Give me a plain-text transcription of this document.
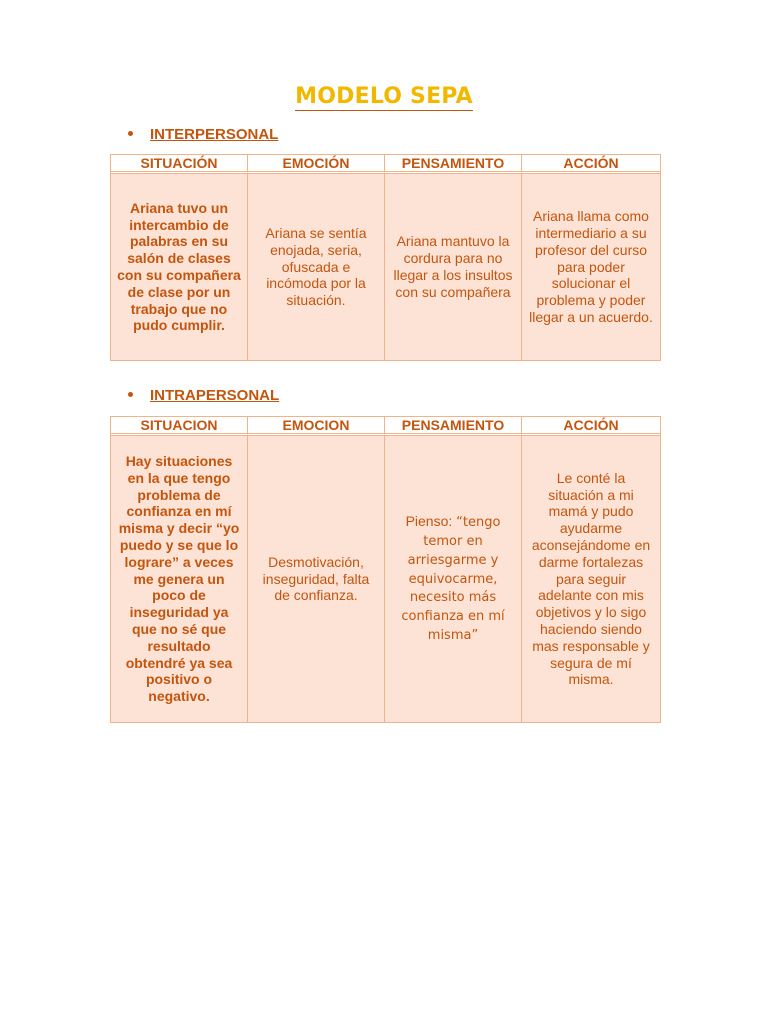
MODELO SEPA
INTERPERSONAL
SITUACIÓN	EMOCIÓN	PENSAMIENTO	ACCIÓN
Ariana tuvo un intercambio de palabras en su salón de clases con su compañera de clase por un trabajo que no pudo cumplir.	Ariana se sentía enojada, seria, ofuscada e incómoda por la situación.	Ariana mantuvo la cordura para no llegar a los insultos con su compañera	Ariana llama como intermediario a su profesor del curso para poder solucionar el problema y poder llegar a un acuerdo.
INTRAPERSONAL
SITUACION	EMOCION	PENSAMIENTO	ACCIÓN
Hay situaciones en la que tengo problema de confianza en mí misma y decir “yo puedo y se que lo lograre” a veces me genera un poco de inseguridad ya que no sé que resultado obtendré ya sea positivo o negativo.	Desmotivación, inseguridad, falta de confianza.	Pienso: “tengo temor en arriesgarme y equivocarme, necesito más confianza en mí misma”	Le conté la situación a mi mamá y pudo ayudarme aconsejándome en darme fortalezas para seguir adelante con mis objetivos y lo sigo haciendo siendo mas responsable y segura de mí misma.
